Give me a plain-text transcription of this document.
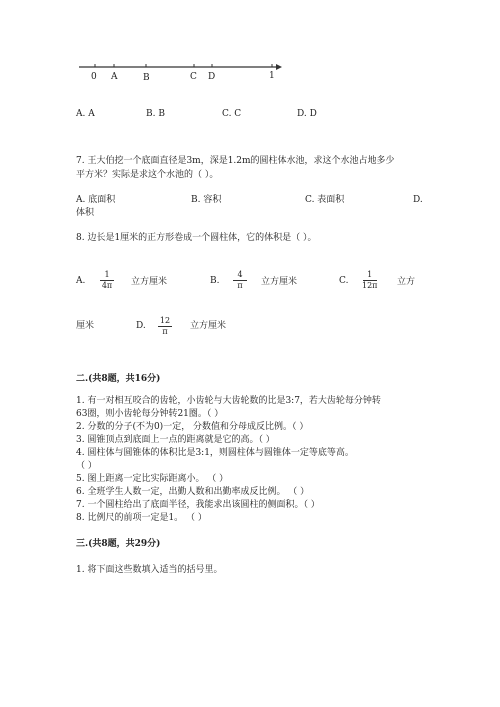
0 A	B	C D	1
A. A	B. B	C. C	D. D
7. 王大伯挖一个底面直径是3m，深是1.2m的圆柱体水池，求这个水池占地多少
平方米？实际是求这个水池的（ ）。
A. 底面积	B. 容积	C. 表面积	D.
体积
8. 边长是1厘米的正方形卷成一个圆柱体，它的体积是（ ）。
A.
1
4π 立方厘米	B.
4
π 立方厘米	C.
1
12π 立方
厘米	D.
12
π
立方厘米
二.(共8题，共16分)
1. 有一对相互咬合的齿轮，小齿轮与大齿轮数的比是3:7，若大齿轮每分钟转
63圈，则小齿轮每分钟转21圈。（ ）
2. 分数的分子(不为0)一定， 分数值和分母成反比例。（ ）
3. 圆锥顶点到底面上一点的距离就是它的高。（ ）
4. 圆柱体与圆锥体的体积比是3:1，则圆柱体与圆锥体一定等底等高。
（ ）
5. 图上距离一定比实际距离小。 （ ）
6. 全班学生人数一定，出勤人数和出勤率成反比例。 （ ）
7. 一个圆柱给出了底面半径，我能求出该圆柱的侧面积。（ ）
8. 比例尺的前项一定是1。 （ ）
三.(共8题，共29分)
1. 将下面这些数填入适当的括号里。
